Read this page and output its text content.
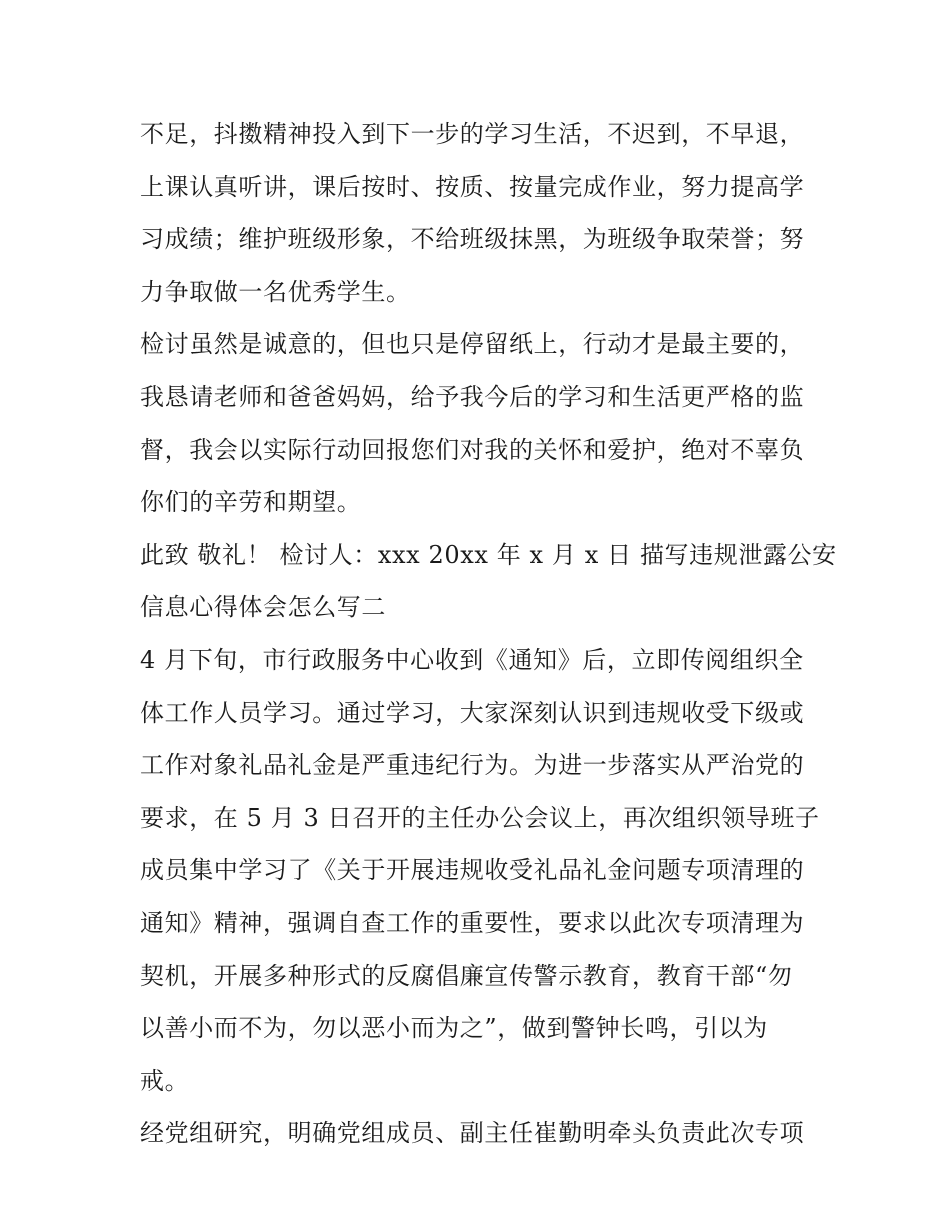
不足，抖擞精神投入到下一步的学习生活，不迟到，不早退，
上课认真听讲，课后按时、按质、按量完成作业，努力提高学
习成绩；维护班级形象，不给班级抹黑，为班级争取荣誉；努
力争取做一名优秀学生。
检讨虽然是诚意的，但也只是停留纸上，行动才是最主要的，
我恳请老师和爸爸妈妈，给予我今后的学习和生活更严格的监
督，我会以实际行动回报您们对我的关怀和爱护，绝对不辜负
你们的辛劳和期望。
此致 敬礼！ 检讨人：xxx 20xx 年 x 月 x 日 描写违规泄露公安
信息心得体会怎么写二
4 月下旬，市行政服务中心收到《通知》后，立即传阅组织全
体工作人员学习。通过学习，大家深刻认识到违规收受下级或
工作对象礼品礼金是严重违纪行为。为进一步落实从严治党的
要求，在 5 月 3 日召开的主任办公会议上，再次组织领导班子
成员集中学习了《关于开展违规收受礼品礼金问题专项清理的
通知》精神，强调自查工作的重要性，要求以此次专项清理为
契机，开展多种形式的反腐倡廉宣传警示教育，教育干部“勿
以善小而不为，勿以恶小而为之”，做到警钟长鸣，引以为
戒。
经党组研究，明确党组成员、副主任崔勤明牵头负责此次专项
